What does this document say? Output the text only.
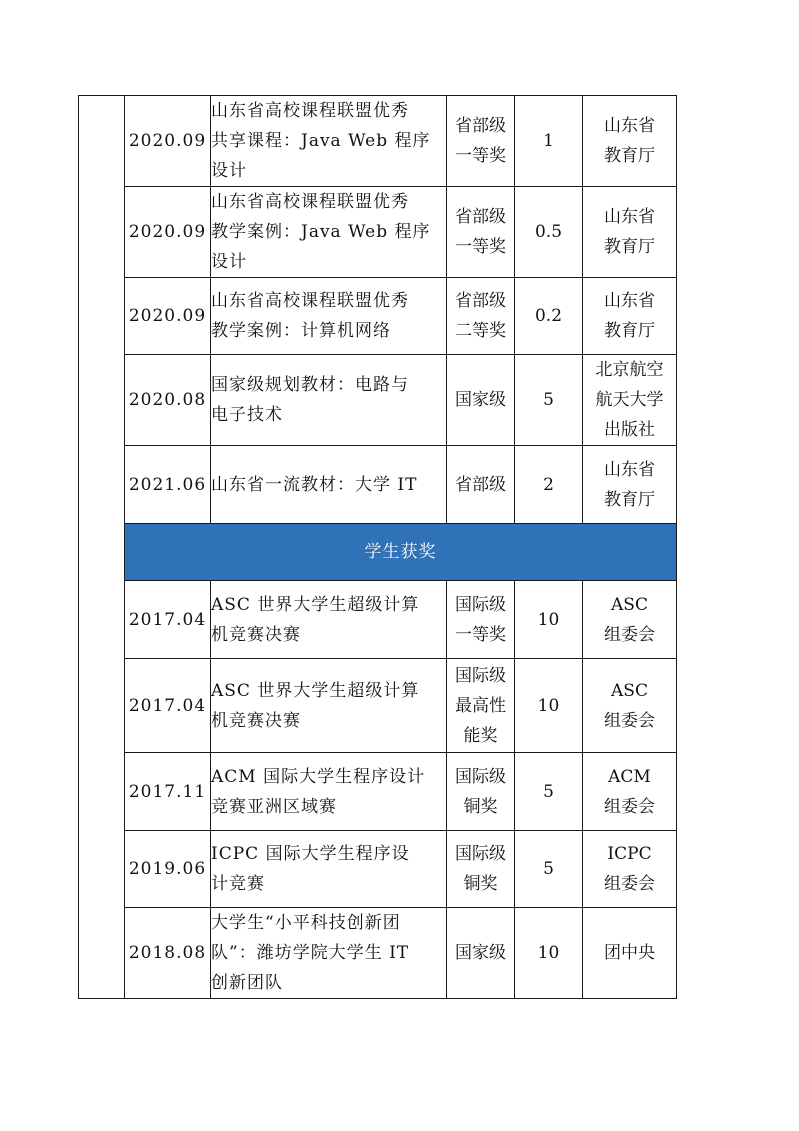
	2020.09	山东省高校课程联盟优秀
共享课程：Java Web 程序
设计	省部级
一等奖	1	山东省
教育厅
	2020.09	山东省高校课程联盟优秀
教学案例：Java Web 程序
设计	省部级
一等奖	0.5	山东省
教育厅
	2020.09	山东省高校课程联盟优秀
教学案例：计算机网络	省部级
二等奖	0.2	山东省
教育厅
	2020.08	国家级规划教材：电路与
电子技术	国家级	5	北京航空
航天大学
出版社
	2021.06	山东省一流教材：大学 IT	省部级	2	山东省
教育厅
	学生获奖				
	2017.04	ASC 世界大学生超级计算
机竞赛决赛	国际级
一等奖	10	ASC
组委会
	2017.04	ASC 世界大学生超级计算
机竞赛决赛	国际级
最高性
能奖	10	ASC
组委会
	2017.11	ACM 国际大学生程序设计
竞赛亚洲区域赛	国际级
铜奖	5	ACM
组委会
	2019.06	ICPC 国际大学生程序设
计竞赛	国际级
铜奖	5	ICPC
组委会
	2018.08	大学生“小平科技创新团
队”：潍坊学院大学生 IT
创新团队	国家级	10	团中央
